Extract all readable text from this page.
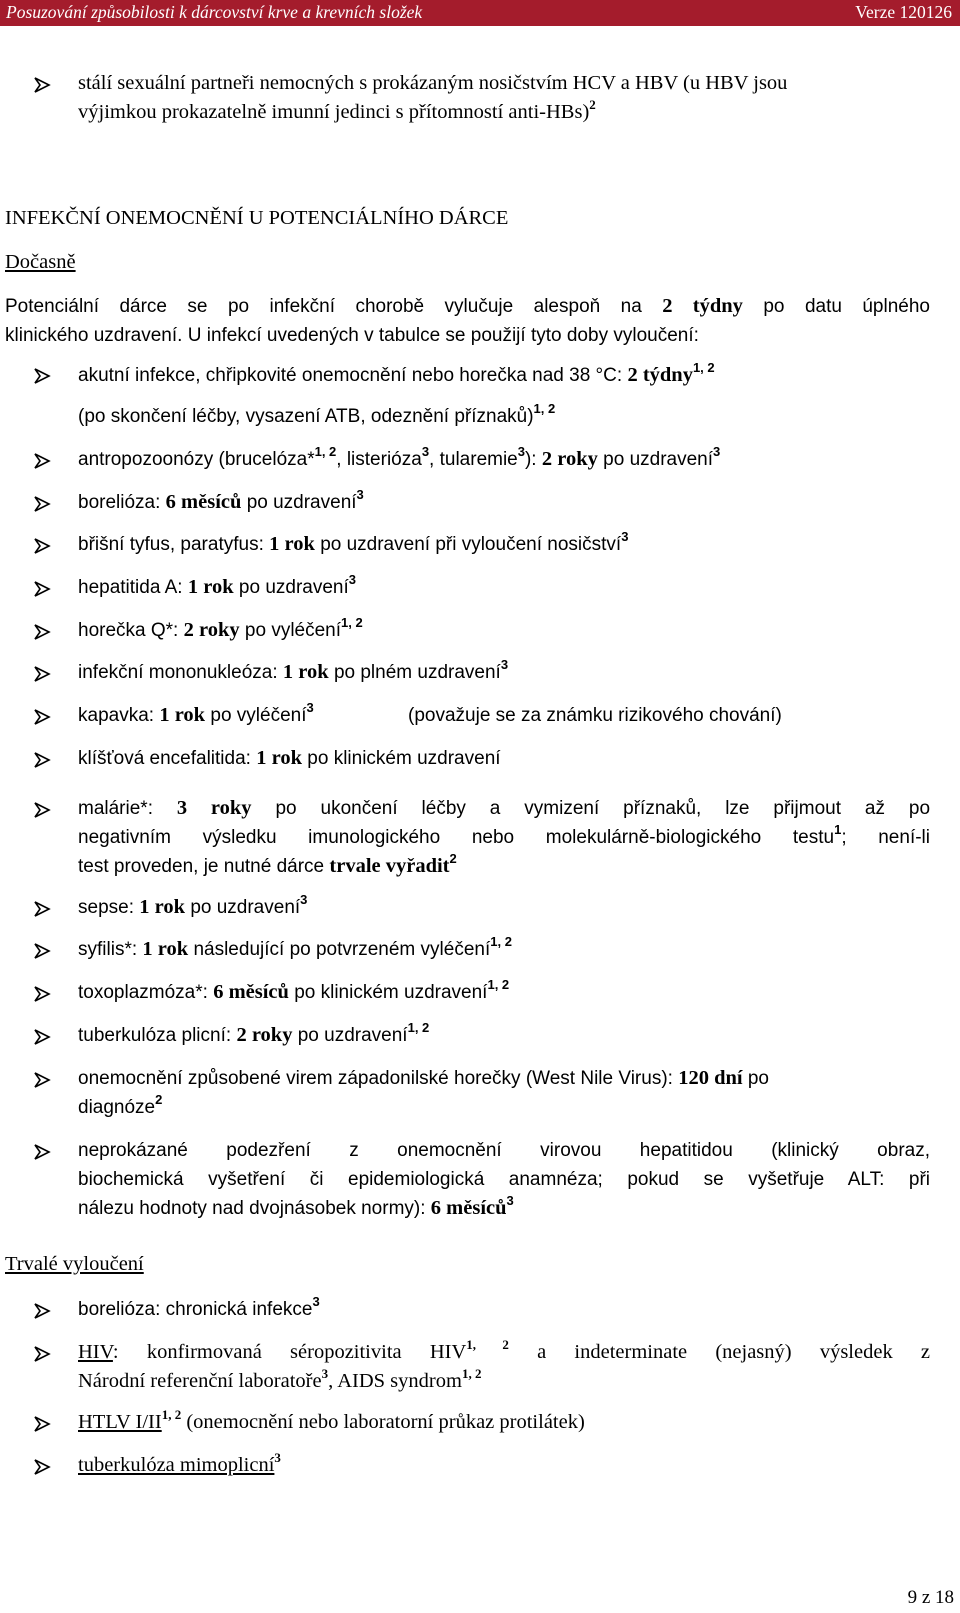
Posuzování způsobilosti k dárcovství krve a krevních složek	Verze 120126
stálí sexuální partneři nemocných s prokázaným nosičstvím HCV a HBV (u HBV jsou
výjimkou prokazatelně imunní jedinci s přítomností anti-HBs)$^2$
INFEKČNÍ ONEMOCNĚNÍ U POTENCIÁLNÍHO DÁRCE
Dočasně
Potenciální dárce se po infekční chorobě vylučuje alespoň na 2 týdny po datu úplného
klinického uzdravení. U infekcí uvedených v tabulce se použijí tyto doby vyloučení:
akutní infekce, chřipkovité onemocnění nebo horečka nad 38 °C: 2 týdny$^{1, 2}$
(po skončení léčby, vysazení ATB, odeznění příznaků)$^{1, 2}$
antropozoonózy (brucelóza*$^{1, 2}$, listerióza$^3$, tularemie$^3$): 2 roky po uzdravení$^3$
borelióza: 6 měsíců po uzdravení$^3$
břišní tyfus, paratyfus: 1 rok po uzdravení při vyloučení nosičství$^3$
hepatitida A: 1 rok po uzdravení$^3$
horečka Q*: 2 roky po vyléčení$^{1, 2}$
infekční mononukleóza: 1 rok po plném uzdravení$^3$
kapavka: 1 rok po vyléčení$^3$	(považuje se za známku rizikového chování)
klíšťová encefalitida: 1 rok po klinickém uzdravení
malárie*: 3 roky po ukončení léčby a vymizení příznaků, lze přijmout až po
negativním výsledku imunologického nebo molekulárně-biologického testu$^1$; není-li
test proveden, je nutné dárce trvale vyřadit$^2$
sepse: 1 rok po uzdravení$^3$
syfilis*: 1 rok následující po potvrzeném vyléčení$^{1, 2}$
toxoplazmóza*: 6 měsíců po klinickém uzdravení$^{1, 2}$
tuberkulóza plicní: 2 roky po uzdravení$^{1, 2}$
onemocnění způsobené virem západonilské horečky (West Nile Virus): 120 dní po
diagnóze$^2$
neprokázané podezření z onemocnění virovou hepatitidou (klinický obraz,
biochemická vyšetření či epidemiologická anamnéza; pokud se vyšetřuje ALT: při
nálezu hodnoty nad dvojnásobek normy): 6 měsíců$^3$
Trvalé vyloučení
borelióza: chronická infekce$^3$
HIV: konfirmovaná séropozitivita HIV$^{1, 2}$ a indeterminate (nejasný) výsledek z
Národní referenční laboratoře$^3$, AIDS syndrom$^{1, 2}$
HTLV I/II$^{1, 2}$ (onemocnění nebo laboratorní průkaz protilátek)
tuberkulóza mimoplicní$^3$
9 z 18
